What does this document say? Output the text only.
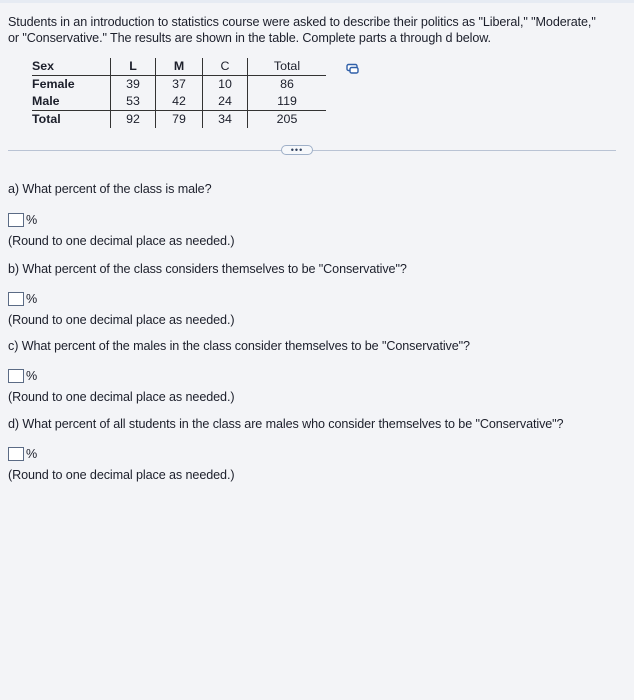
Students in an introduction to statistics course were asked to describe their politics as "Liberal," "Moderate," or "Conservative." The results are shown in the table. Complete parts a through d below.
Sex	L	M	C	Total
Female	39	37	10	86
Male	53	42	24	119
Total	92	79	34	205
•••
a) What percent of the class is male?
%
(Round to one decimal place as needed.)
b) What percent of the class considers themselves to be "Conservative"?
%
(Round to one decimal place as needed.)
c) What percent of the males in the class consider themselves to be "Conservative"?
%
(Round to one decimal place as needed.)
d) What percent of all students in the class are males who consider themselves to be "Conservative"?
%
(Round to one decimal place as needed.)
